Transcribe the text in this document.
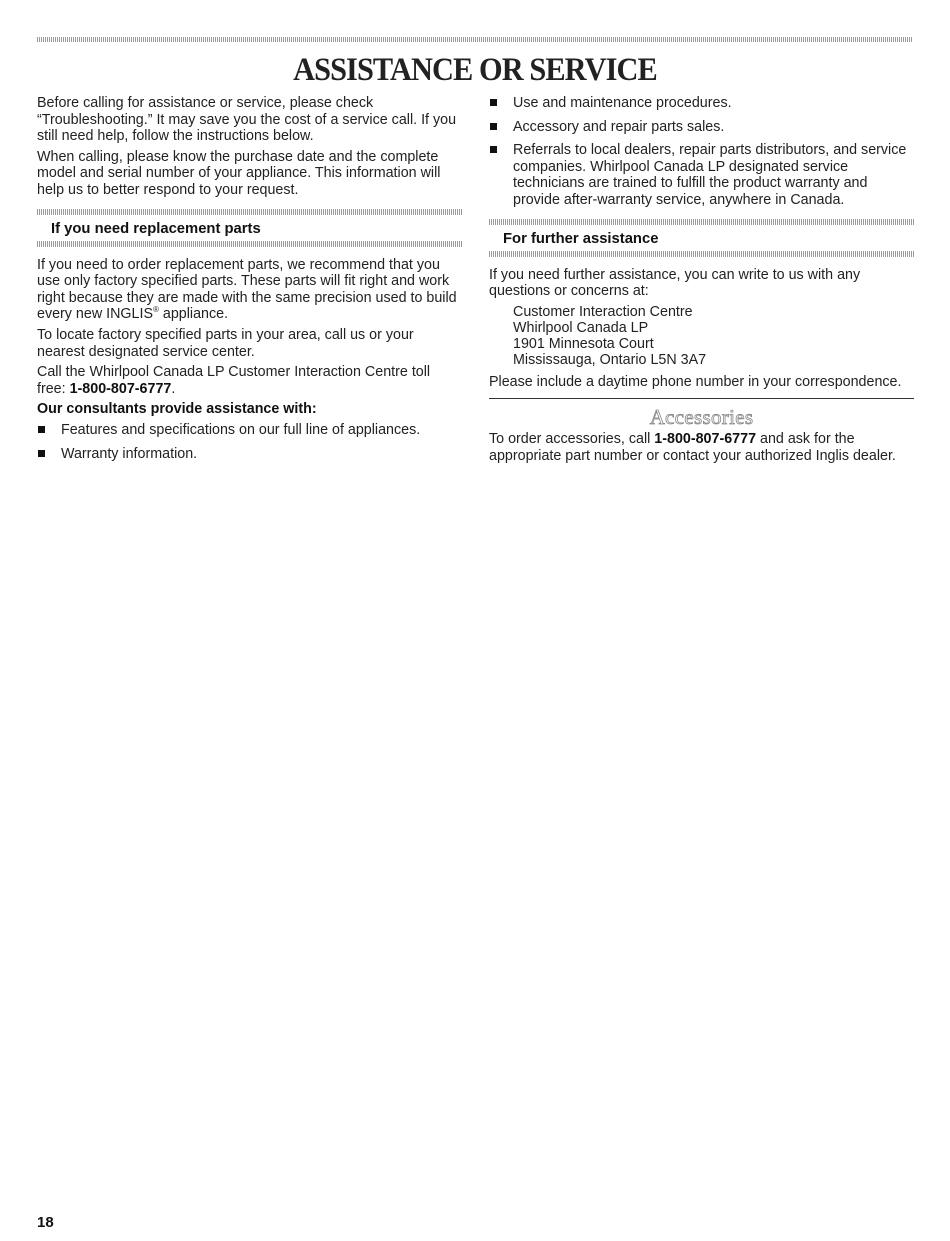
ASSISTANCE OR SERVICE

Before calling for assistance or service, please check “Troubleshooting.” It may save you the cost of a service call. If you still need help, follow the instructions below.

When calling, please know the purchase date and the complete model and serial number of your appliance. This information will help us to better respond to your request.

If you need replacement parts

If you need to order replacement parts, we recommend that you use only factory specified parts. These parts will fit right and work right because they are made with the same precision used to build every new INGLIS® appliance.

To locate factory specified parts in your area, call us or your nearest designated service center.

Call the Whirlpool Canada LP Customer Interaction Centre toll free: 1-800-807-6777.

Our consultants provide assistance with:
Features and specifications on our full line of appliances.
Warranty information.
Use and maintenance procedures.
Accessory and repair parts sales.
Referrals to local dealers, repair parts distributors, and service companies. Whirlpool Canada LP designated service technicians are trained to fulfill the product warranty and provide after-warranty service, anywhere in Canada.
For further assistance

If you need further assistance, you can write to us with any questions or concerns at:

Customer Interaction Centre
Whirlpool Canada LP
1901 Minnesota Court
Mississauga, Ontario L5N 3A7

Please include a daytime phone number in your correspondence.

Accessories

To order accessories, call 1-800-807-6777 and ask for the appropriate part number or contact your authorized Inglis dealer.

18
